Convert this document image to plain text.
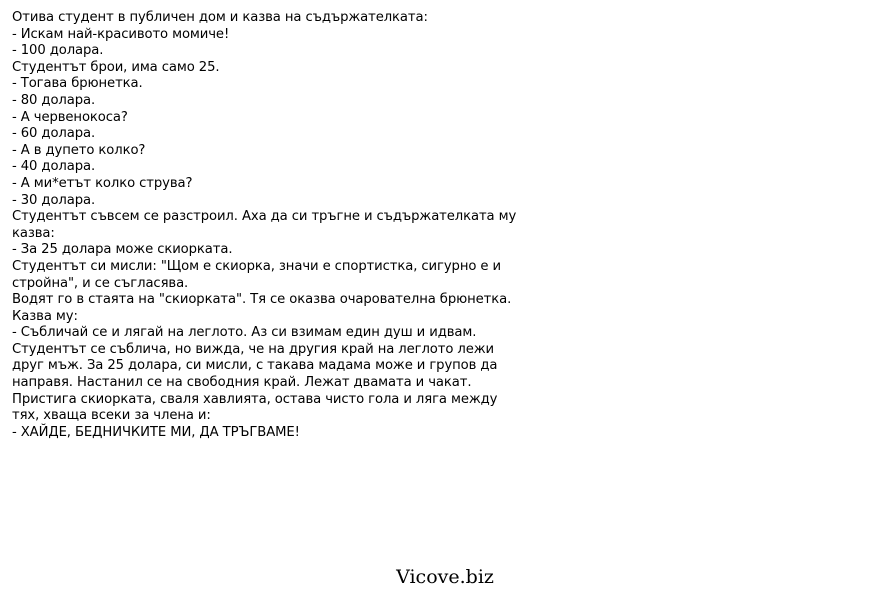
Отива студент в публичен дом и казва на съдържателката:
- Искам най-красивото момиче!
- 100 долара.
Студентът брои, има само 25.
- Тогава брюнетка.
- 80 долара.
- А червенокоса?
- 60 долара.
- А в дупето колко?
- 40 долара.
- А ми*етът колко струва?
- 30 долара.
Студентът съвсем се разстроил. Аха да си тръгне и съдържателката му
казва:
- За 25 долара може скиорката.
Студентът си мисли: "Щом е скиорка, значи е спортистка, сигурно е и
стройна", и се съгласява.
Водят го в стаята на "скиорката". Тя се оказва очарователна брюнетка.
Казва му:
- Събличай се и лягай на леглото. Аз си взимам един душ и идвам.
Студентът се съблича, но вижда, че на другия край на леглото лежи
друг мъж. За 25 долара, си мисли, с такава мадама може и групов да
направя. Настанил се на свободния край. Лежат двамата и чакат.
Пристига скиорката, сваля хавлията, остава чисто гола и ляга между
тях, хваща всеки за члена и:
- ХАЙДЕ, БЕДНИЧКИТЕ МИ, ДА ТРЪГВАМЕ!
Vicove.biz
